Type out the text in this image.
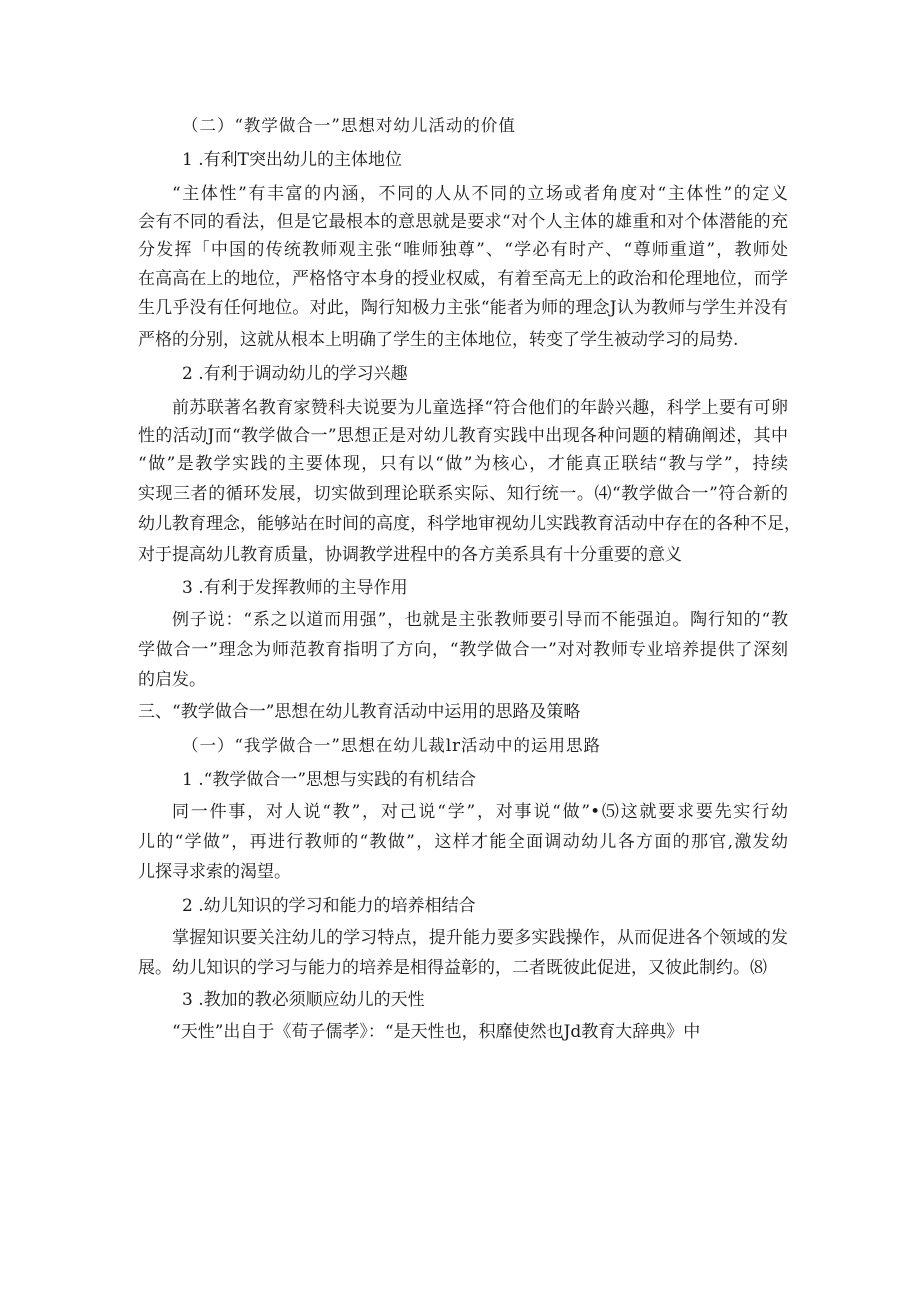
（二）“教学做合一”思想对幼儿活动的价值
1 .有利T突出幼儿的主体地位
“主体性”有丰富的内涵，不同的人从不同的立场或者角度对“主体性”的定义
会有不同的看法，但是它最根本的意思就是要求“对个人主体的雄重和对个体潜能的充
分发挥「中国的传统教师观主张“唯师独尊”、“学必有时产、“尊师重道”，教师处
在高高在上的地位，严格恪守本身的授业权威，有着至高无上的政治和伦理地位，而学
生几乎没有任何地位。对此，陶行知极力主张“能者为师的理念J认为教师与学生并没有
严格的分别，这就从根本上明确了学生的主体地位，转变了学生被动学习的局势.
2 .有利于调动幼儿的学习兴趣
前苏联著名教育家赞科夫说要为儿童选择“符合他们的年龄兴趣，科学上要有可卵
性的活动J而“教学做合一”思想正是对幼儿教育实践中出现各种问题的精确阐述，其中
“做”是教学实践的主要体现，只有以“做”为核心，才能真正联结“教与学”，持续
实现三者的循环发展，切实做到理论联系实际、知行统一。⑷“教学做合一”符合新的
幼儿教育理念，能够站在时间的高度，科学地审视幼儿实践教育活动中存在的各种不足，
对于提高幼儿教育质量，协调教学进程中的各方美系具有十分重要的意义
3 .有利于发挥教师的主导作用
例子说：“系之以道而用强”，也就是主张教师要引导而不能强迫。陶行知的“教
学做合一”理念为师范教育指明了方向，“教学做合一”对对教师专业培养提供了深刻
的启发。
三、“教学做合一”思想在幼儿教育活动中运用的思路及策略
（一）“我学做合一”思想在幼儿裁lr活动中的运用思路
1 .“教学做合一”思想与实践的有机结合
同一件事，对人说“教”，对己说“学”，对事说“做”•⑸这就要求要先实行幼
儿的“学做”，再进行教师的“教做”，这样才能全面调动幼儿各方面的那官,激发幼
儿探寻求索的渴望。
2 .幼儿知识的学习和能力的培养相结合
掌握知识要关注幼儿的学习特点，提升能力要多实践操作，从而促进各个领域的发
展。幼儿知识的学习与能力的培养是相得益彰的，二者既彼此促进，又彼此制约。⑻
3 .教加的教必须顺应幼儿的天性
“天性”出自于《荀子儒孝》：“是天性也，积靡使然也Jd教育大辞典》中
